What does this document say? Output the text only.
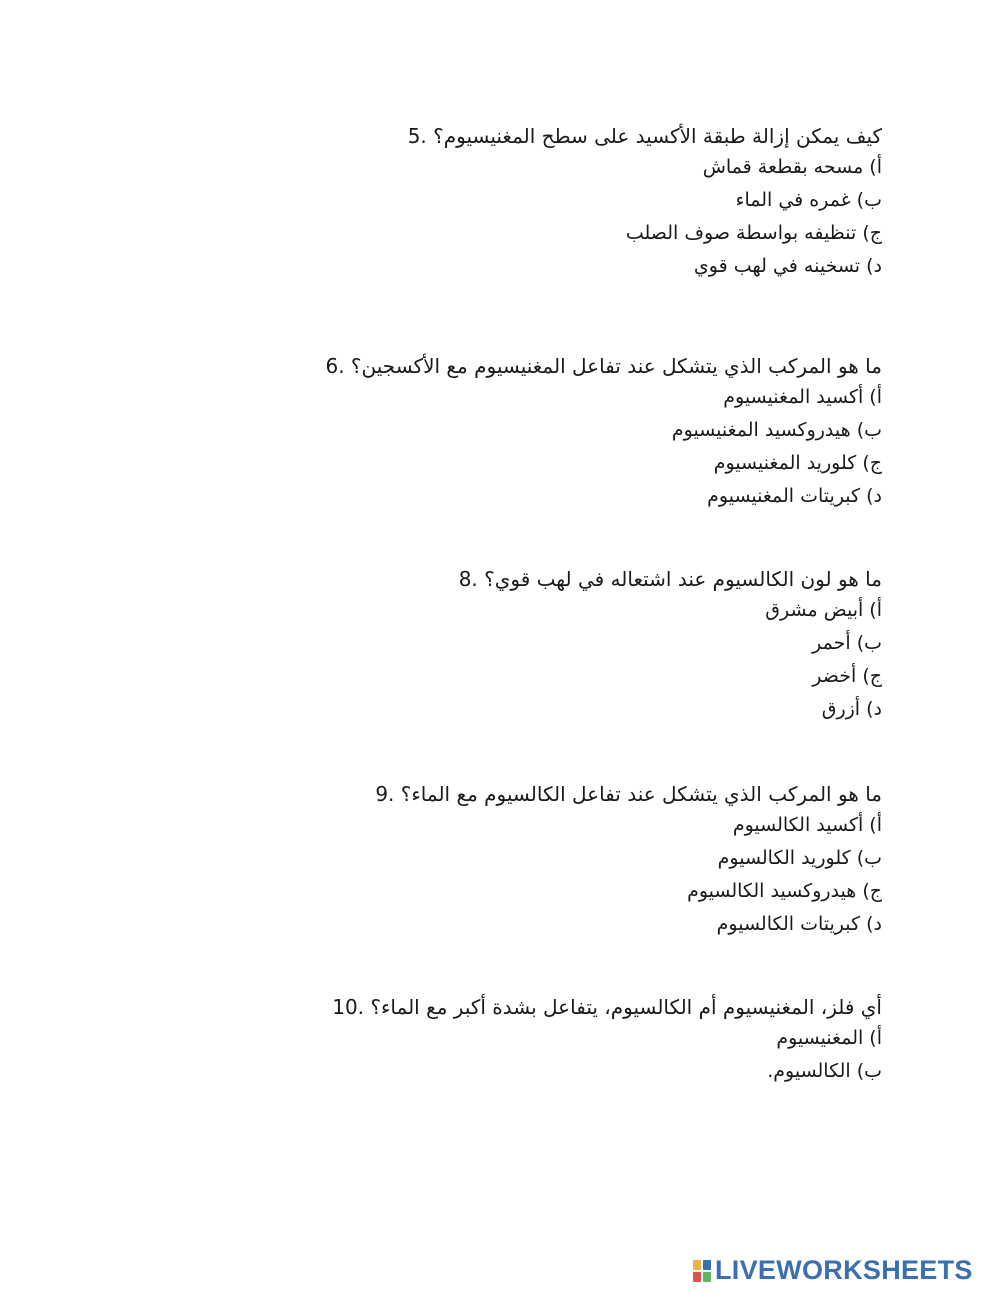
كيف يمكن إزالة طبقة الأكسيد على سطح المغنيسيوم؟ 5.

أ) مسحه بقطعة قماش

ب) غمره في الماء

ج) تنظيفه بواسطة صوف الصلب

د) تسخينه في لهب قوي

ما هو المركب الذي يتشكل عند تفاعل المغنيسيوم مع الأكسجين؟ 6.

أ) أكسيد المغنيسيوم

ب) هيدروكسيد المغنيسيوم

ج) كلوريد المغنيسيوم

د) كبريتات المغنيسيوم

ما هو لون الكالسيوم عند اشتعاله في لهب قوي؟ 8.

أ) أبيض مشرق

ب) أحمر

ج) أخضر

د) أزرق

ما هو المركب الذي يتشكل عند تفاعل الكالسيوم مع الماء؟ 9.

أ) أكسيد الكالسيوم

ب) كلوريد الكالسيوم

ج) هيدروكسيد الكالسيوم

د) كبريتات الكالسيوم

أي فلز، المغنيسيوم أم الكالسيوم، يتفاعل بشدة أكبر مع الماء؟ 10.

أ) المغنيسيوم

ب) الكالسيوم.

LIVEWORKSHEETS
